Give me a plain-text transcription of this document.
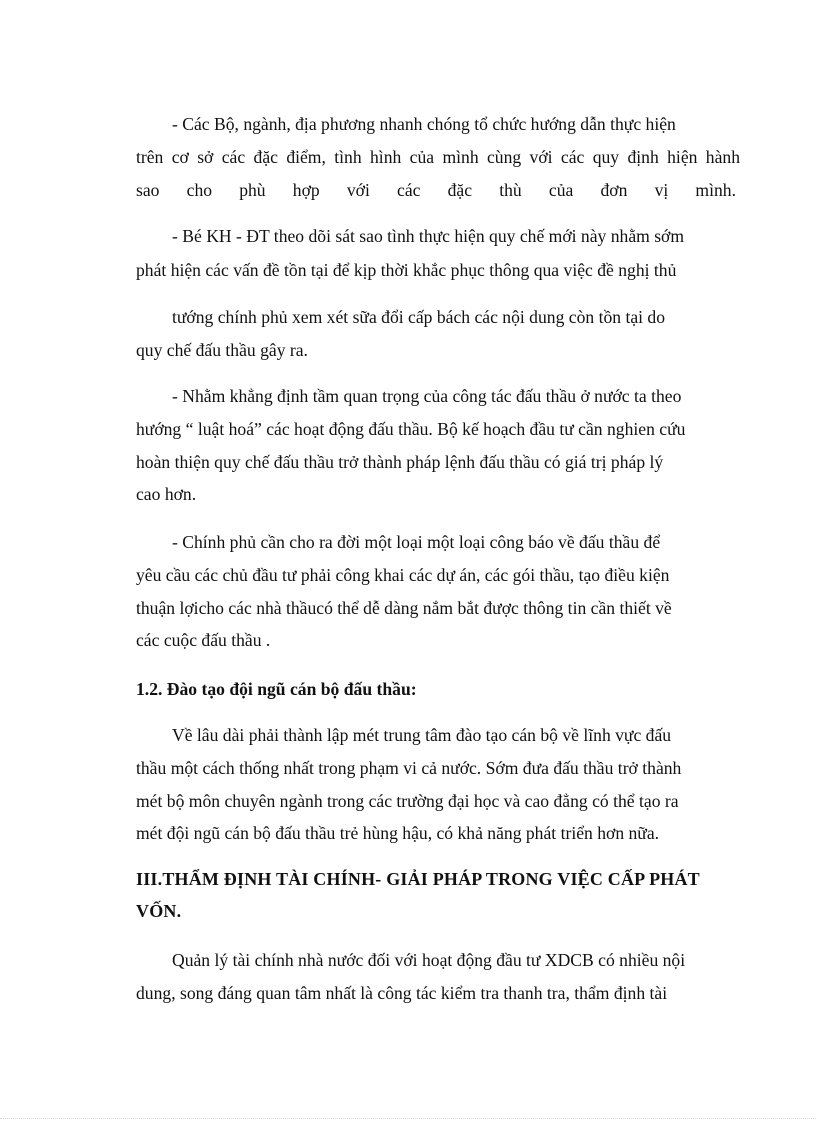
- Các Bộ, ngành, địa phương nhanh chóng tổ chức hướng dẫn thực hiện
trên cơ sở các đặc điểm, tình hình của mình cùng với các quy định hiện hành
sao cho phù hợp với các đặc thù của đơn vị mình.
- Bé KH - ĐT theo dõi sát sao tình thực hiện quy chế mới này nhằm sớm
phát hiện các vấn đề tồn tại để kịp thời khắc phục thông qua việc đề nghị thủ
tướng chính phủ xem xét sữa đổi cấp bách các nội dung còn tồn tại do
quy chế đấu thầu gây ra.
- Nhằm khẳng định tầm quan trọng của công tác đấu thầu ở nước ta theo
hướng “ luật hoá” các hoạt động đấu thầu. Bộ kế hoạch đầu tư cần nghien cứu
hoàn thiện quy chế đấu thầu trở thành pháp lệnh đấu thầu có giá trị pháp lý
cao hơn.
- Chính phủ cần cho ra đời một loại một loại công báo về đấu thầu để
yêu cầu các chủ đầu tư phải công khai các dự án, các gói thầu, tạo điều kiện
thuận lợicho các nhà thầucó thể dễ dàng nắm bắt được thông tin cần thiết về
các cuộc đấu thầu .
1.2. Đào tạo đội ngũ cán bộ đấu thầu:
Về lâu dài phải thành lập mét trung tâm đào tạo cán bộ về lĩnh vực đấu
thầu một cách thống nhất trong phạm vi cả nước. Sớm đưa đấu thầu trở thành
mét bộ môn chuyên ngành trong các trường đại học và cao đẳng có thể tạo ra
mét đội ngũ cán bộ đấu thầu trẻ hùng hậu, có khả năng phát triển hơn nữa.
III.THẨM ĐỊNH TÀI CHÍNH- GIẢI PHÁP TRONG VIỆC CẤP PHÁT
VỐN.
Quản lý tài chính nhà nước đối với hoạt động đầu tư XDCB có nhiều nội
dung, song đáng quan tâm nhất là công tác kiểm tra thanh tra, thẩm định tài
